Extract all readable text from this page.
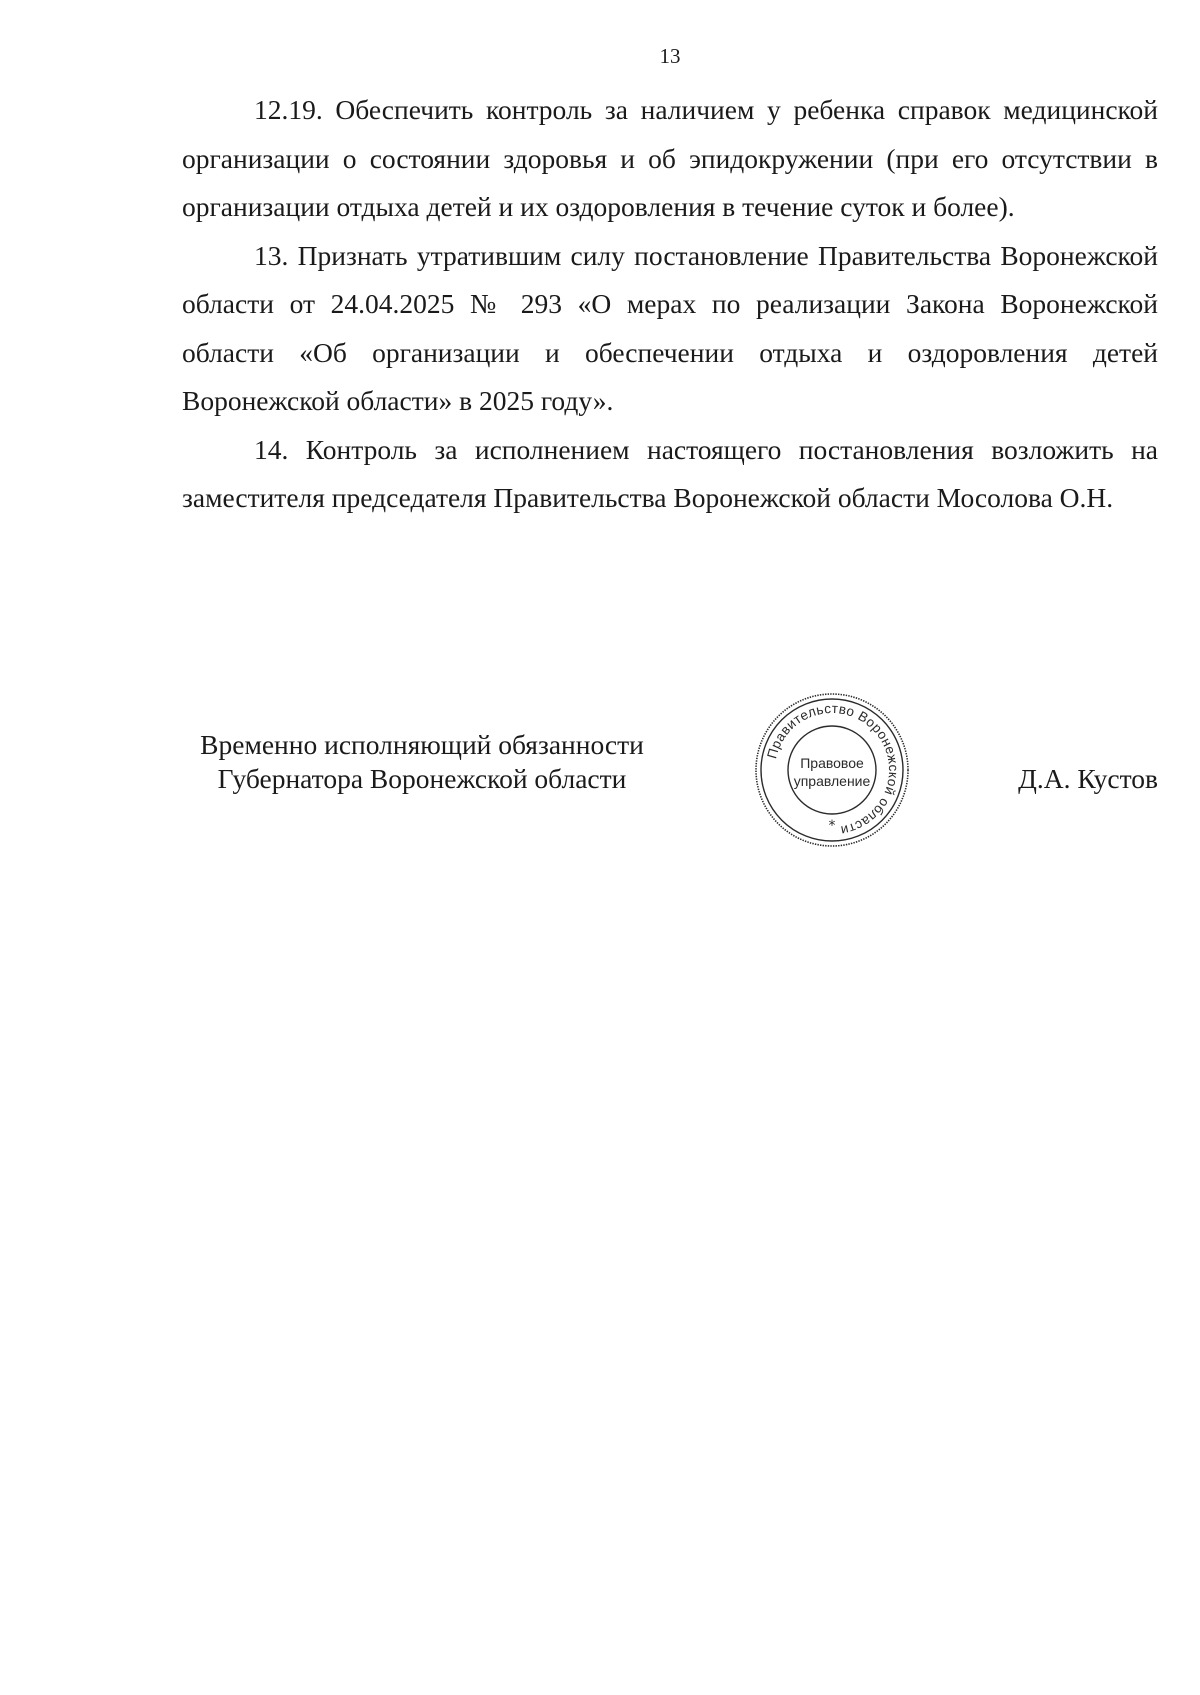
13

12.19. Обеспечить контроль за наличием у ребенка справок медицинской организации о состоянии здоровья и об эпидокружении (при его отсутствии в организации отдыха детей и их оздоровления в течение суток и более).

13. Признать утратившим силу постановление Правительства Воронежской области от 24.04.2025 № 293 «О мерах по реализации Закона Воронежской области «Об организации и обеспечении отдыха и оздоровления детей Воронежской области» в 2025 году».

14. Контроль за исполнением настоящего постановления возложить на заместителя председателя Правительства Воронежской области Мосолова О.Н.

Временно исполняющий обязанности
Губернатора Воронежской области
Правительство Воронежской области
Правовое
управление
*
Д.А. Кустов
